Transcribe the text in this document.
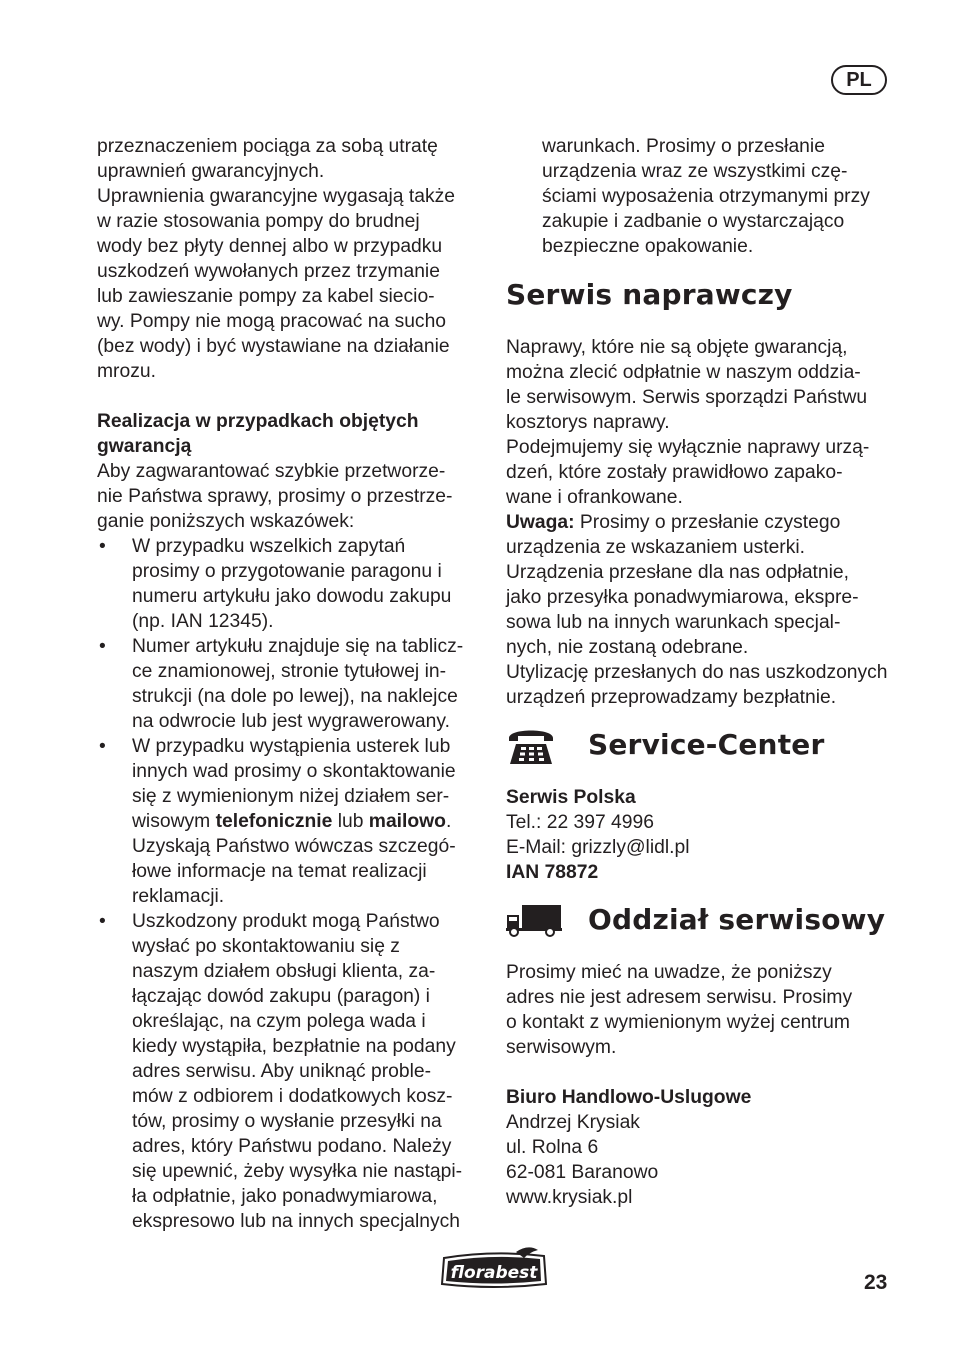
PL

przeznaczeniem pociąga za sobą utratę
uprawnień gwarancyjnych.
Uprawnienia gwarancyjne wygasają także
w razie stosowania pompy do brudnej
wody bez płyty dennej albo w przypadku
uszkodzeń wywołanych przez trzymanie
lub zawieszanie pompy za kabel siecio-
wy. Pompy nie mogą pracować na sucho
(bez wody) i być wystawiane na działanie
mrozu.

Realizacja w przypadkach objętych
gwarancją

Aby zagwarantować szybkie przetworze-
nie Państwa sprawy, prosimy o przestrze-
ganie poniższych wskazówek:

• W przypadku wszelkich zapytań
prosimy o przygotowanie paragonu i
numeru artykułu jako dowodu zakupu
(np. IAN 12345).
• Numer artykułu znajduje się na tablicz-
ce znamionowej, stronie tytułowej in-
strukcji (na dole po lewej), na naklejce
na odwrocie lub jest wygrawerowany.
• W przypadku wystąpienia usterek lub
innych wad prosimy o skontaktowanie
się z wymienionym niżej działem ser-
wisowym telefonicznie lub mailowo.
Uzyskają Państwo wówczas szczegó-
łowe informacje na temat realizacji
reklamacji.
• Uszkodzony produkt mogą Państwo
wysłać po skontaktowaniu się z
naszym działem obsługi klienta, za-
łączając dowód zakupu (paragon) i
określając, na czym polega wada i
kiedy wystąpiła, bezpłatnie na podany
adres serwisu. Aby uniknąć proble-
mów z odbiorem i dodatkowych kosz-
tów, prosimy o wysłanie przesyłki na
adres, który Państwu podano. Należy
się upewnić, żeby wysyłka nie nastąpi-
ła odpłatnie, jako ponadwymiarowa,
ekspresowo lub na innych specjalnych

warunkach. Prosimy o przesłanie
urządzenia wraz ze wszystkimi czę-
ściami wyposażenia otrzymanymi przy
zakupie i zadbanie o wystarczająco
bezpieczne opakowanie.

Serwis naprawczy

Naprawy, które nie są objęte gwarancją,
można zlecić odpłatnie w naszym oddzia-
le serwisowym. Serwis sporządzi Państwu
kosztorys naprawy.
Podejmujemy się wyłącznie naprawy urzą-
dzeń, które zostały prawidłowo zapako-
wane i ofrankowane.

Uwaga: Prosimy o przesłanie czystego
urządzenia ze wskazaniem usterki.
Urządzenia przesłane dla nas odpłatnie,
jako przesyłka ponadwymiarowa, ekspre-
sowa lub na innych warunkach specjal-
nych, nie zostaną odebrane.
Utylizację przesłanych do nas uszkodzonych
urządzeń przeprowadzamy bezpłatnie.

Service-Center

Serwis Polska

Tel.: 22 397 4996

E-Mail: grizzly@lidl.pl

IAN 78872

Oddział serwisowy

Prosimy mieć na uwadze, że poniższy
adres nie jest adresem serwisu. Prosimy
o kontakt z wymienionym wyżej centrum
serwisowym.

Biuro Handlowo-Uslugowe

Andrzej Krysiak

ul. Rolna 6

62-081 Baranowo

www.krysiak.pl

florabest	23
